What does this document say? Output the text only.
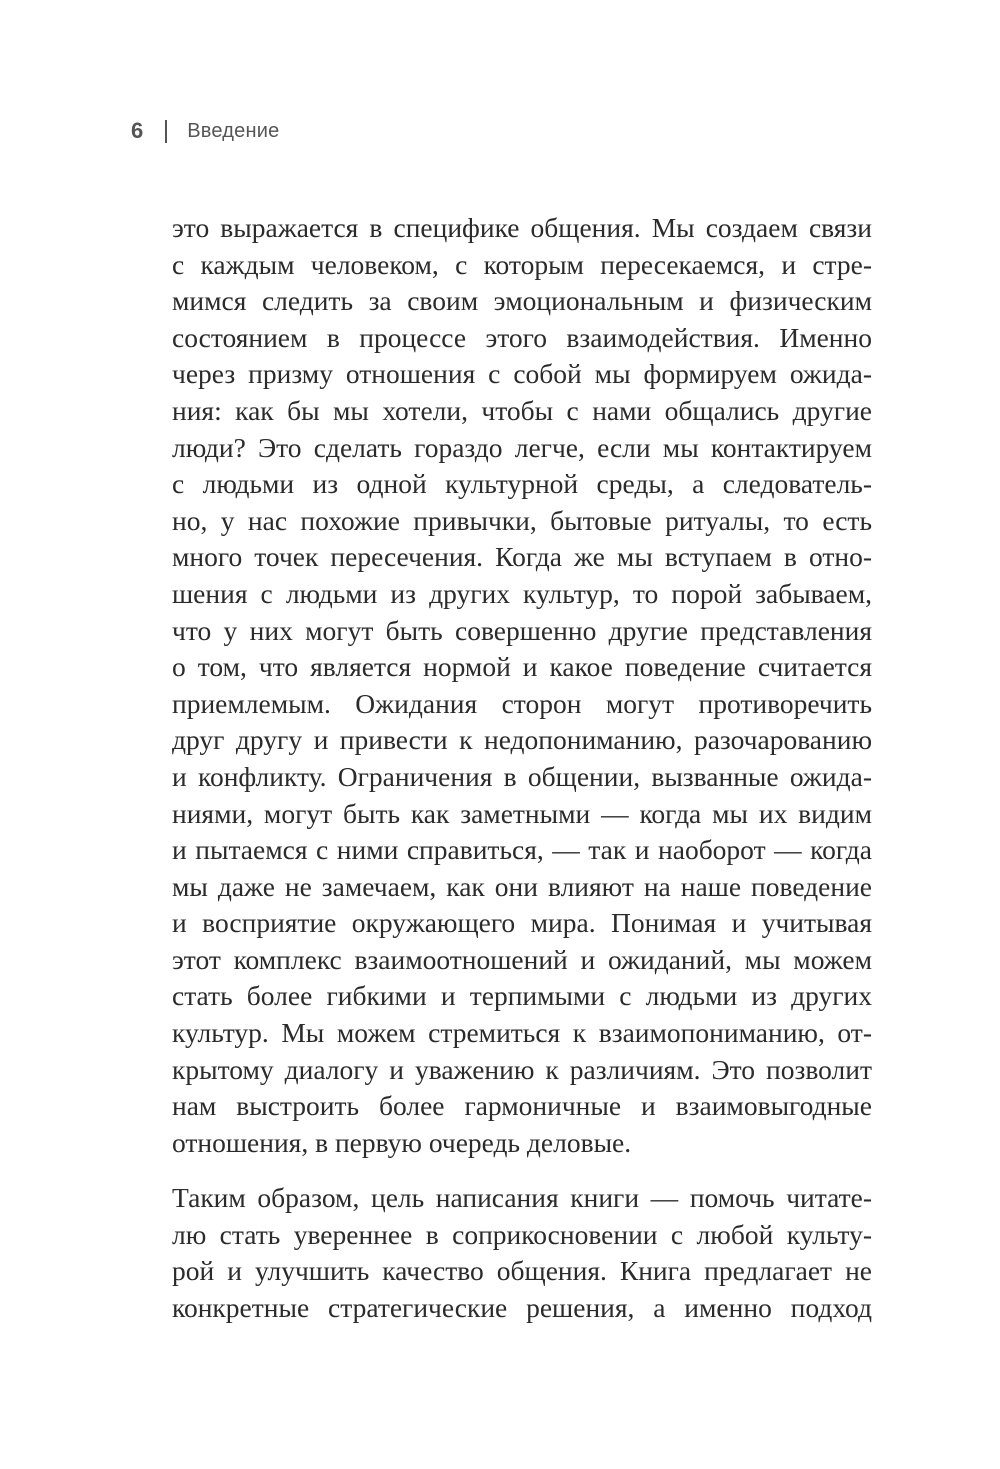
6 Введение
это выражается в специфике общения. Мы создаем связи
с каждым человеком, с которым пересекаемся, и стре-
мимся следить за своим эмоциональным и физическим
состоянием в процессе этого взаимодействия. Именно
через призму отношения с собой мы формируем ожида-
ния: как бы мы хотели, чтобы с нами общались другие
люди? Это сделать гораздо легче, если мы контактируем
с людьми из одной культурной среды, а следователь-
но, у нас похожие привычки, бытовые ритуалы, то есть
много точек пересечения. Когда же мы вступаем в отно-
шения с людьми из других культур, то порой забываем,
что у них могут быть совершенно другие представления
о том, что является нормой и какое поведение считается
приемлемым. Ожидания сторон могут противоречить
друг другу и привести к недопониманию, разочарованию
и конфликту. Ограничения в общении, вызванные ожида-
ниями, могут быть как заметными — когда мы их видим
и пытаемся с ними справиться, — так и наоборот — когда
мы даже не замечаем, как они влияют на наше поведение
и восприятие окружающего мира. Понимая и учитывая
этот комплекс взаимоотношений и ожиданий, мы можем
стать более гибкими и терпимыми с людьми из других
культур. Мы можем стремиться к взаимопониманию, от-
крытому диалогу и уважению к различиям. Это позволит
нам выстроить более гармоничные и взаимовыгодные
отношения, в первую очередь деловые.
Таким образом, цель написания книги — помочь читате-
лю стать увереннее в соприкосновении с любой культу-
рой и улучшить качество общения. Книга предлагает не
конкретные стратегические решения, а именно подход
